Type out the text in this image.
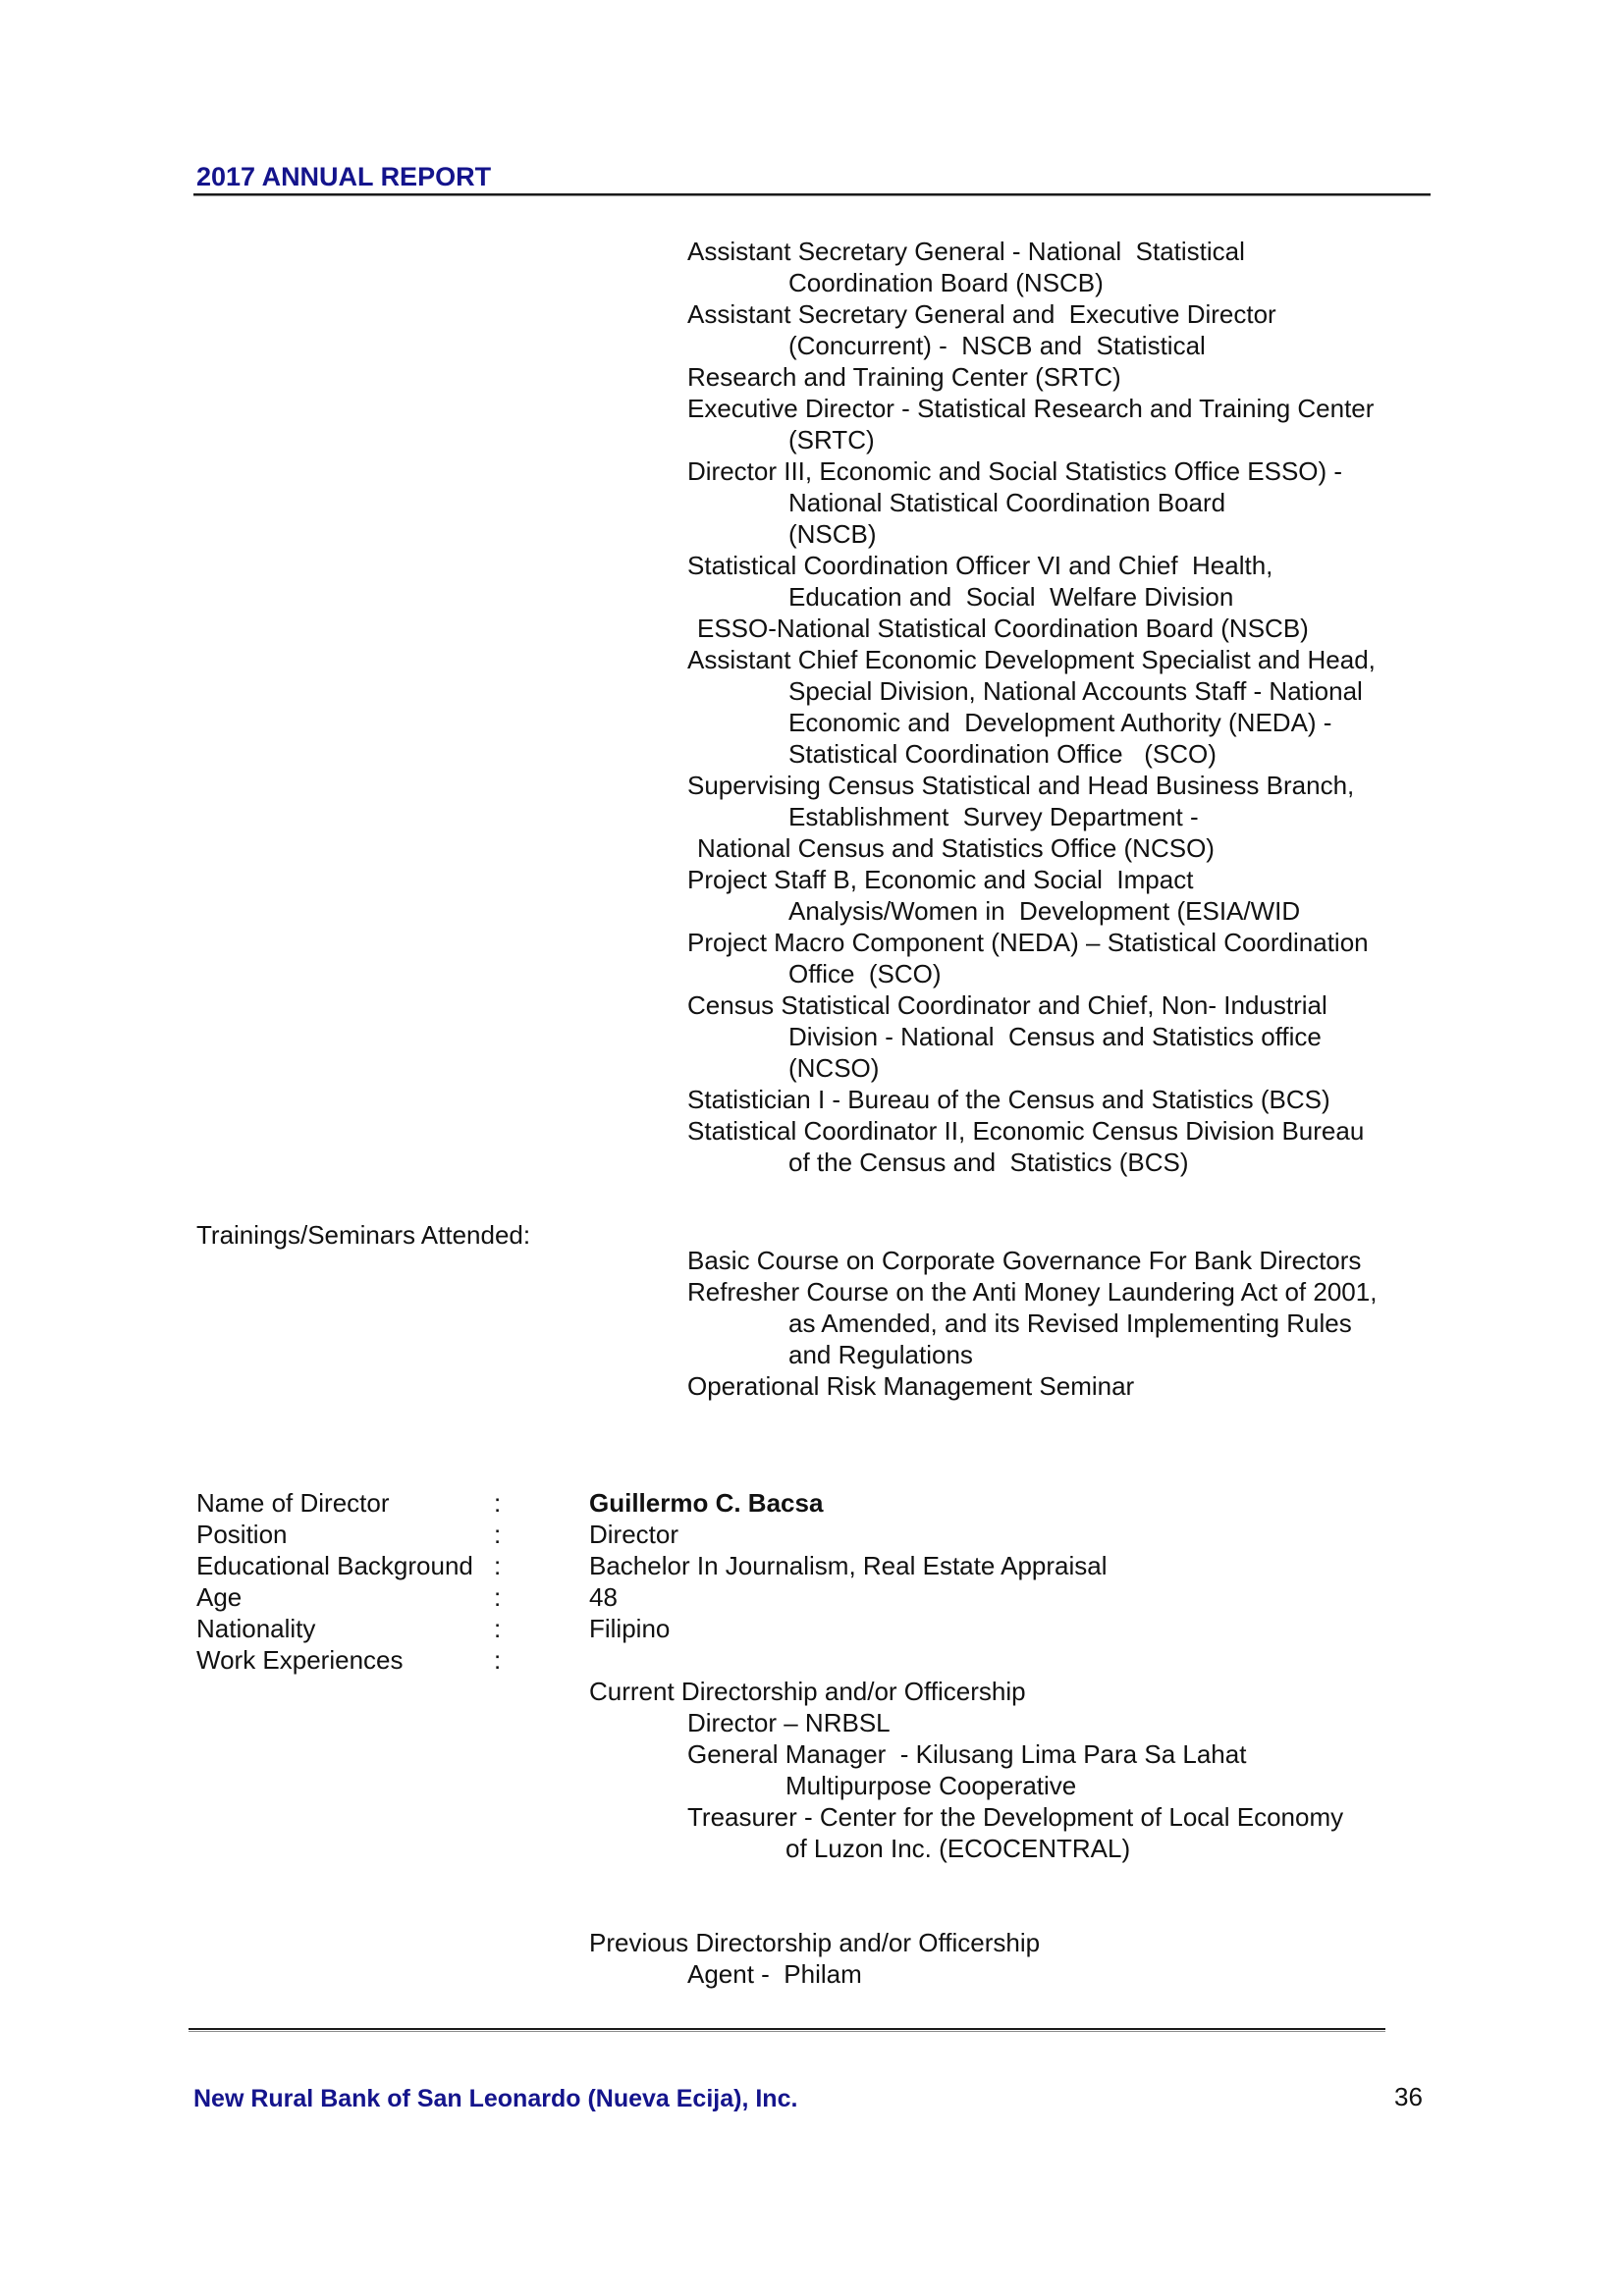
2017 ANNUAL REPORT
Assistant Secretary General - National  Statistical
Coordination Board (NSCB)
Assistant Secretary General and  Executive Director
(Concurrent) -  NSCB and  Statistical
Research and Training Center (SRTC)
Executive Director - Statistical Research and Training Center
(SRTC)
Director III, Economic and Social Statistics Office ESSO) -
National Statistical Coordination Board
(NSCB)
Statistical Coordination Officer VI and Chief  Health,
Education and  Social  Welfare Division
ESSO-National Statistical Coordination Board (NSCB)
Assistant Chief Economic Development Specialist and Head,
Special Division, National Accounts Staff - National
Economic and  Development Authority (NEDA) -
Statistical Coordination Office   (SCO)
Supervising Census Statistical and Head Business Branch,
Establishment  Survey Department -
National Census and Statistics Office (NCSO)
Project Staff B, Economic and Social  Impact
Analysis/Women in  Development (ESIA/WID
Project Macro Component (NEDA) – Statistical Coordination
Office  (SCO)
Census Statistical Coordinator and Chief, Non- Industrial
Division - National  Census and Statistics office
(NCSO)
Statistician I - Bureau of the Census and Statistics (BCS)
Statistical Coordinator II, Economic Census Division Bureau
of the Census and  Statistics (BCS)
Trainings/Seminars Attended:
Basic Course on Corporate Governance For Bank Directors
Refresher Course on the Anti Money Laundering Act of 2001,
as Amended, and its Revised Implementing Rules
and Regulations
Operational Risk Management Seminar
Name of Director	:	Guillermo C. Bacsa
Position	:	Director
Educational Background :	Bachelor In Journalism, Real Estate Appraisal
Age	:	48
Nationality	:	Filipino
Work Experiences	:
Current Directorship and/or Officership
Director – NRBSL
General Manager  - Kilusang Lima Para Sa Lahat
Multipurpose Cooperative
Treasurer - Center for the Development of Local Economy
of Luzon Inc. (ECOCENTRAL)
Previous Directorship and/or Officership
Agent -  Philam
New Rural Bank of San Leonardo (Nueva Ecija), Inc.	36
